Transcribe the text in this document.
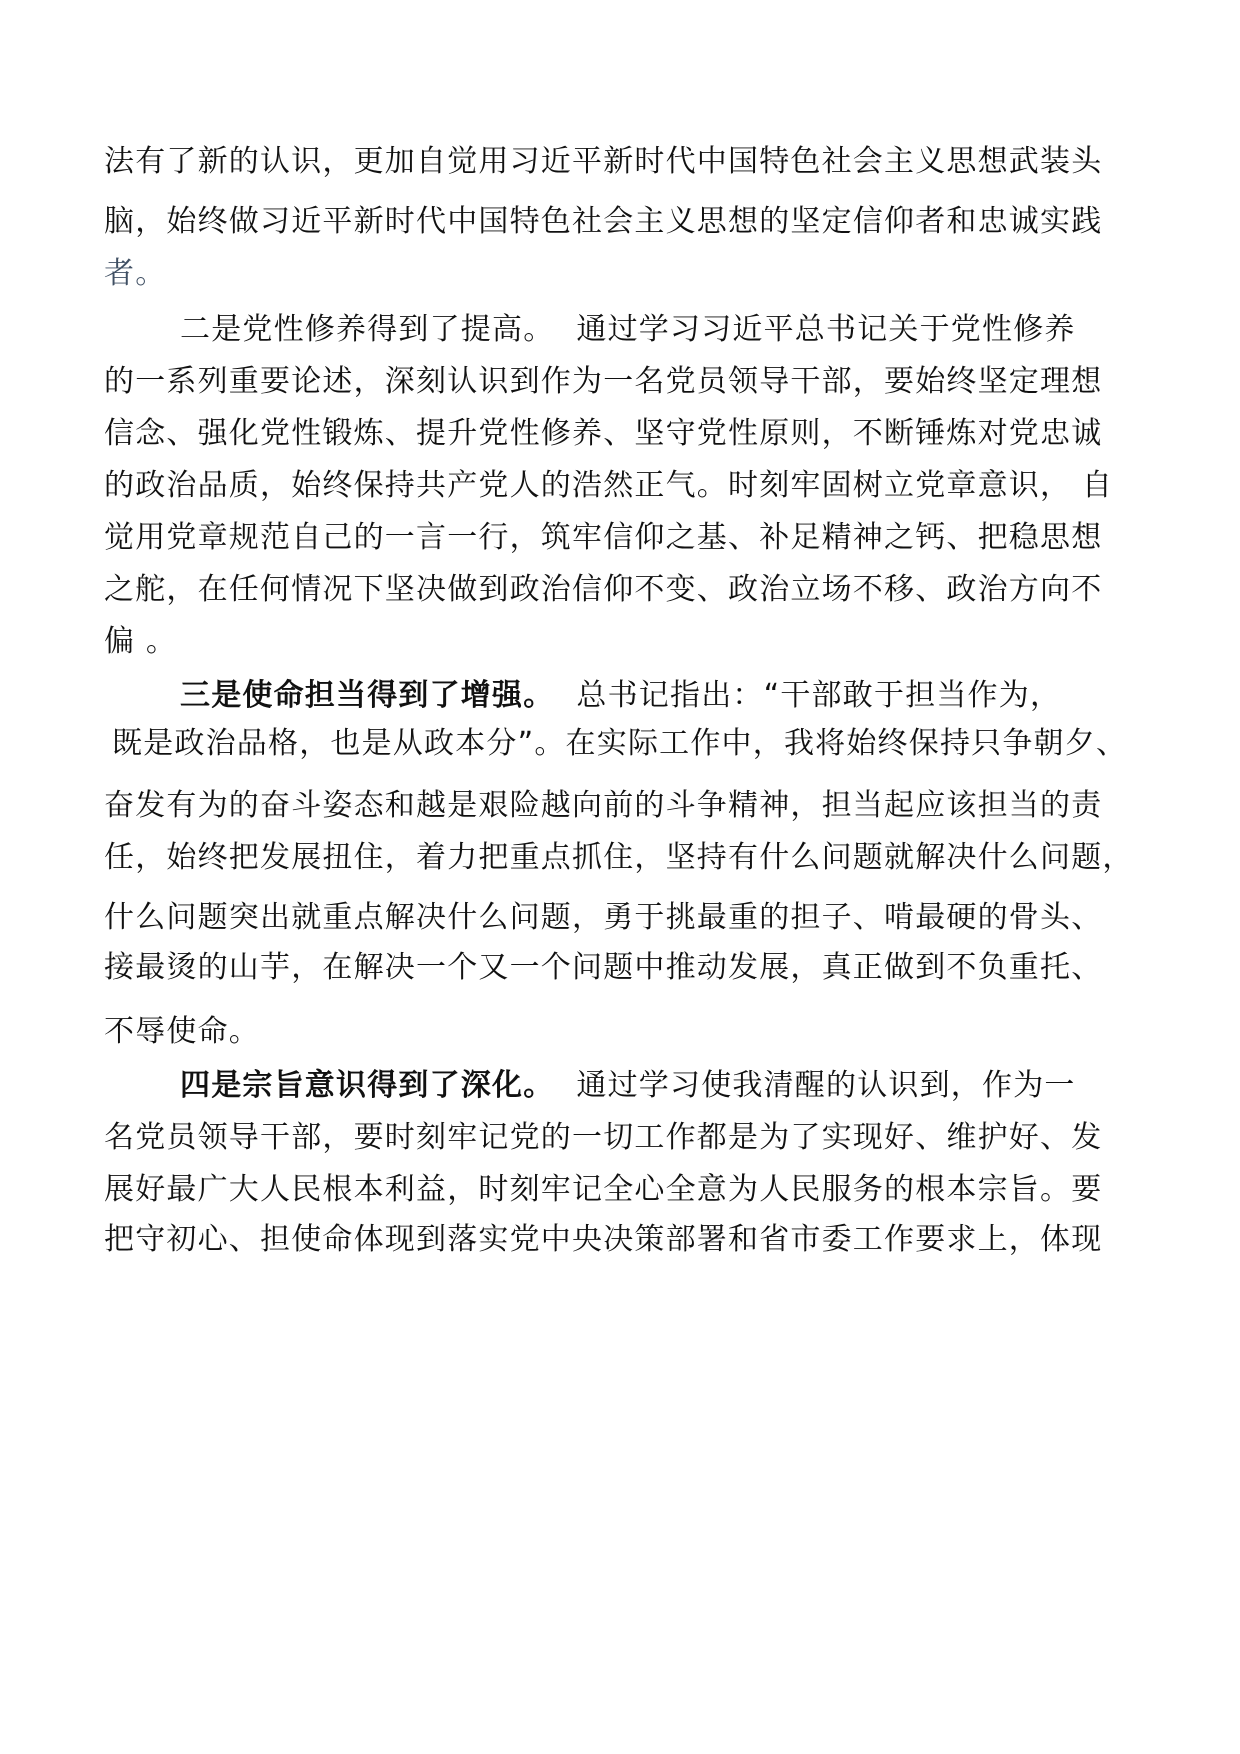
法有了新的认识，更加自觉用习近平新时代中国特色社会主义思想武装头
脑，始终做习近平新时代中国特色社会主义思想的坚定信仰者和忠诚实践
者。
二是党性修养得到了提高。 通过学习习近平总书记关于党性修养
的一系列重要论述，深刻认识到作为一名党员领导干部，要始终坚定理想
信念、强化党性锻炼、提升党性修养、坚守党性原则，不断锤炼对党忠诚
的政治品质，始终保持共产党人的浩然正气。时刻牢固树立党章意识， 自
觉用党章规范自己的一言一行，筑牢信仰之基、补足精神之钙、把稳思想
之舵，在任何情况下坚决做到政治信仰不变、政治立场不移、政治方向不
偏 。
三是使命担当得到了增强。 总书记指出：“干部敢于担当作为，
既是政治品格，也是从政本分”。在实际工作中，我将始终保持只争朝夕、
奋发有为的奋斗姿态和越是艰险越向前的斗争精神，担当起应该担当的责
任，始终把发展扭住，着力把重点抓住，坚持有什么问题就解决什么问题，
什么问题突出就重点解决什么问题，勇于挑最重的担子、啃最硬的骨头、
接最烫的山芋，在解决一个又一个问题中推动发展，真正做到不负重托、
不辱使命。
四是宗旨意识得到了深化。 通过学习使我清醒的认识到，作为一
名党员领导干部，要时刻牢记党的一切工作都是为了实现好、维护好、发
展好最广大人民根本利益，时刻牢记全心全意为人民服务的根本宗旨。要
把守初心、担使命体现到落实党中央决策部署和省市委工作要求上，体现
